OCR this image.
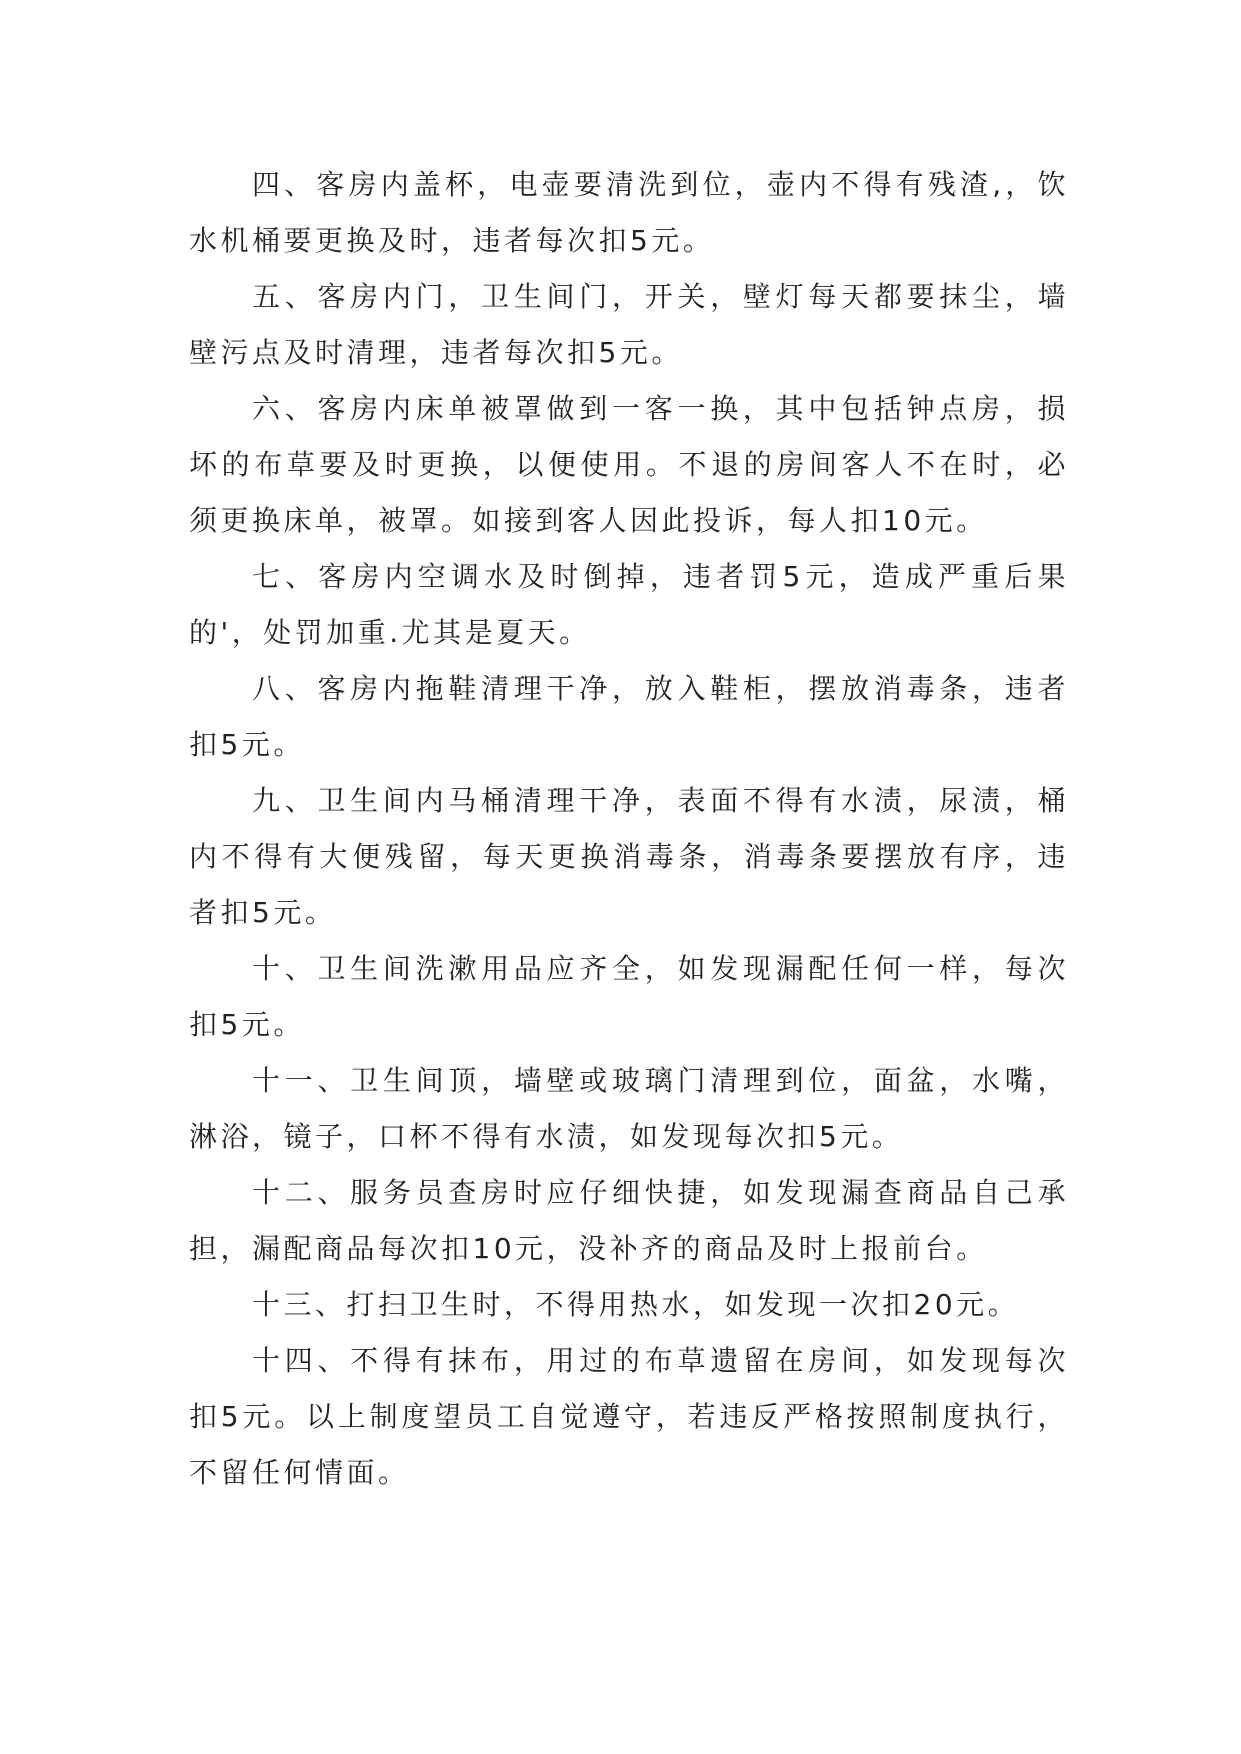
四、客房内盖杯，电壶要清洗到位，壶内不得有残渣,，饮水机桶要更换及时，违者每次扣5元。

五、客房内门，卫生间门，开关，壁灯每天都要抹尘，墙壁污点及时清理，违者每次扣5元。

六、客房内床单被罩做到一客一换，其中包括钟点房，损坏的布草要及时更换，以便使用。不退的房间客人不在时，必须更换床单，被罩。如接到客人因此投诉，每人扣10元。

七、客房内空调水及时倒掉，违者罚5元，造成严重后果的'，处罚加重.尤其是夏天。

八、客房内拖鞋清理干净，放入鞋柜，摆放消毒条，违者扣5元。

九、卫生间内马桶清理干净，表面不得有水渍，尿渍，桶内不得有大便残留，每天更换消毒条，消毒条要摆放有序，违者扣5元。

十、卫生间洗漱用品应齐全，如发现漏配任何一样，每次扣5元。

十一、卫生间顶，墙壁或玻璃门清理到位，面盆，水嘴，淋浴，镜子，口杯不得有水渍，如发现每次扣5元。

十二、服务员查房时应仔细快捷，如发现漏查商品自己承担，漏配商品每次扣10元，没补齐的商品及时上报前台。

十三、打扫卫生时，不得用热水，如发现一次扣20元。

十四、不得有抹布，用过的布草遗留在房间，如发现每次扣5元。以上制度望员工自觉遵守，若违反严格按照制度执行，不留任何情面。
